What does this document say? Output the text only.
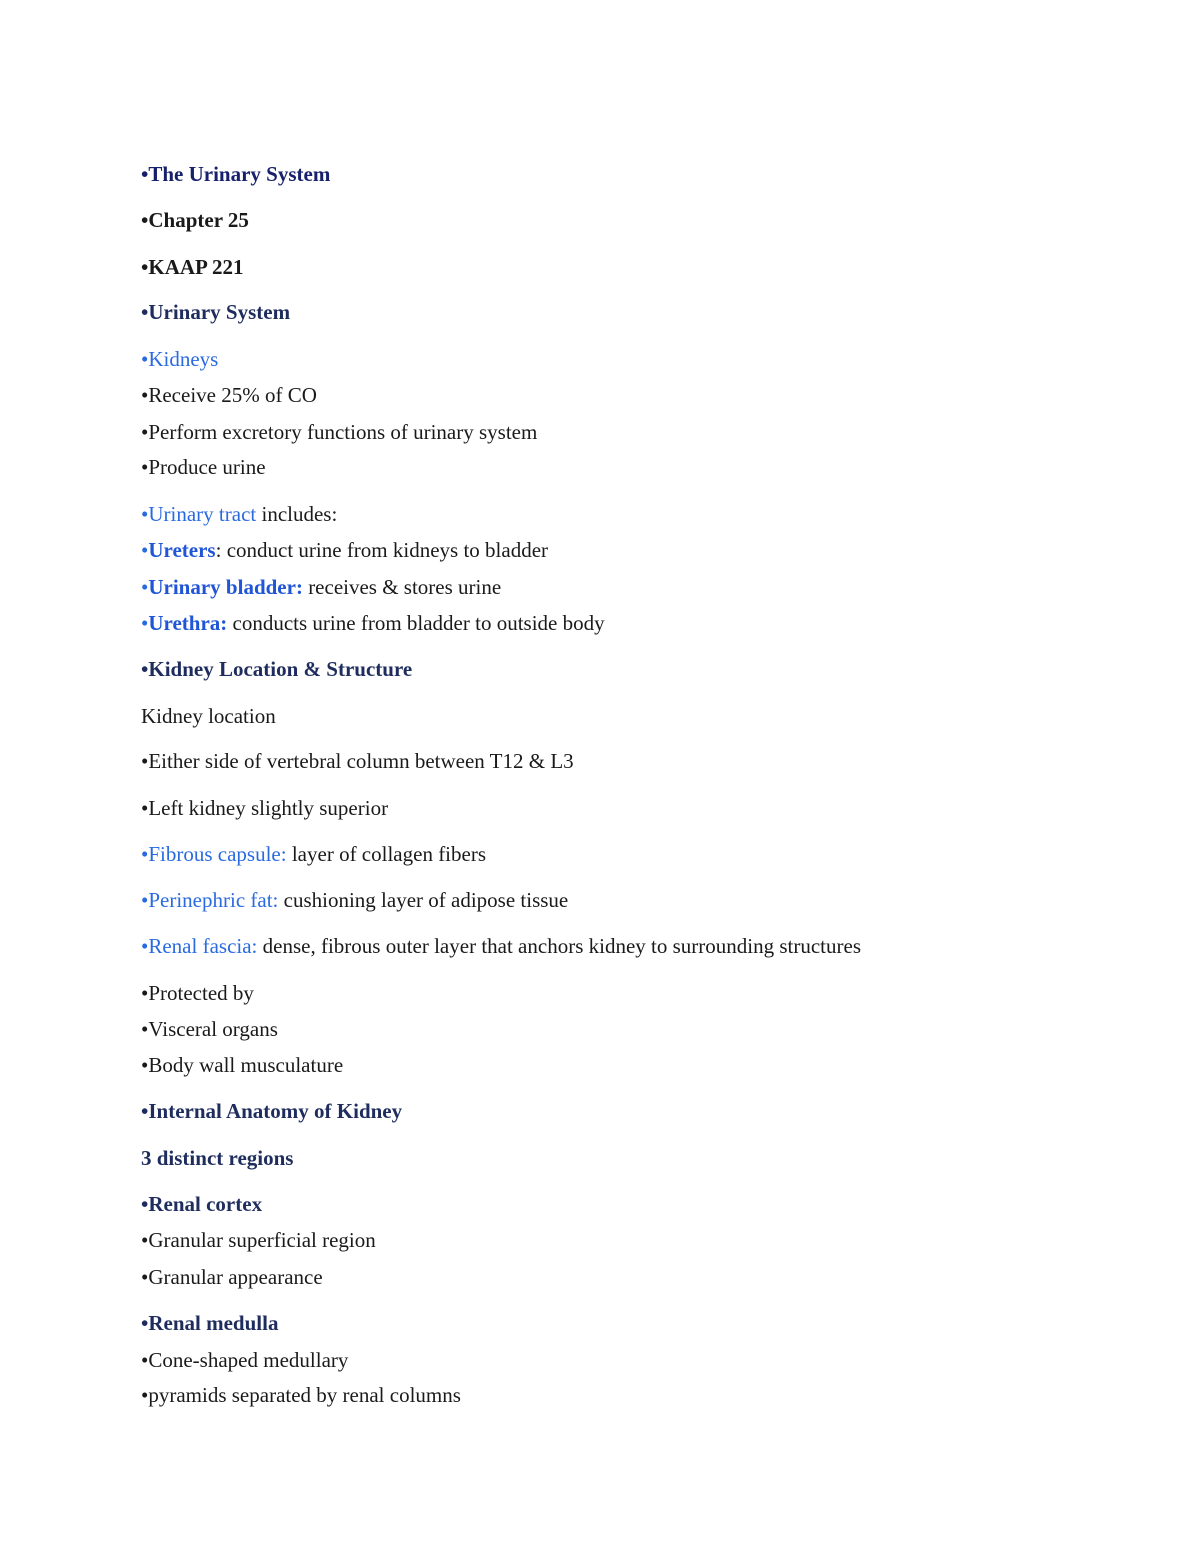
•The Urinary System
•Chapter 25
•KAAP 221
•Urinary System
•Kidneys
•Receive 25% of CO
•Perform excretory functions of urinary system
•Produce urine
•Urinary tract includes:
•Ureters: conduct urine from kidneys to bladder
•Urinary bladder: receives & stores urine
•Urethra: conducts urine from bladder to outside body
•Kidney Location & Structure
Kidney location
•Either side of vertebral column between T12 & L3
•Left kidney slightly superior
•Fibrous capsule: layer of collagen fibers
•Perinephric fat: cushioning layer of adipose tissue
•Renal fascia: dense, fibrous outer layer that anchors kidney to surrounding structures
•Protected by
•Visceral organs
•Body wall musculature
•Internal Anatomy of Kidney
3 distinct regions
•Renal cortex
•Granular superficial region
•Granular appearance
•Renal medulla
•Cone-shaped medullary
•pyramids separated by renal columns
